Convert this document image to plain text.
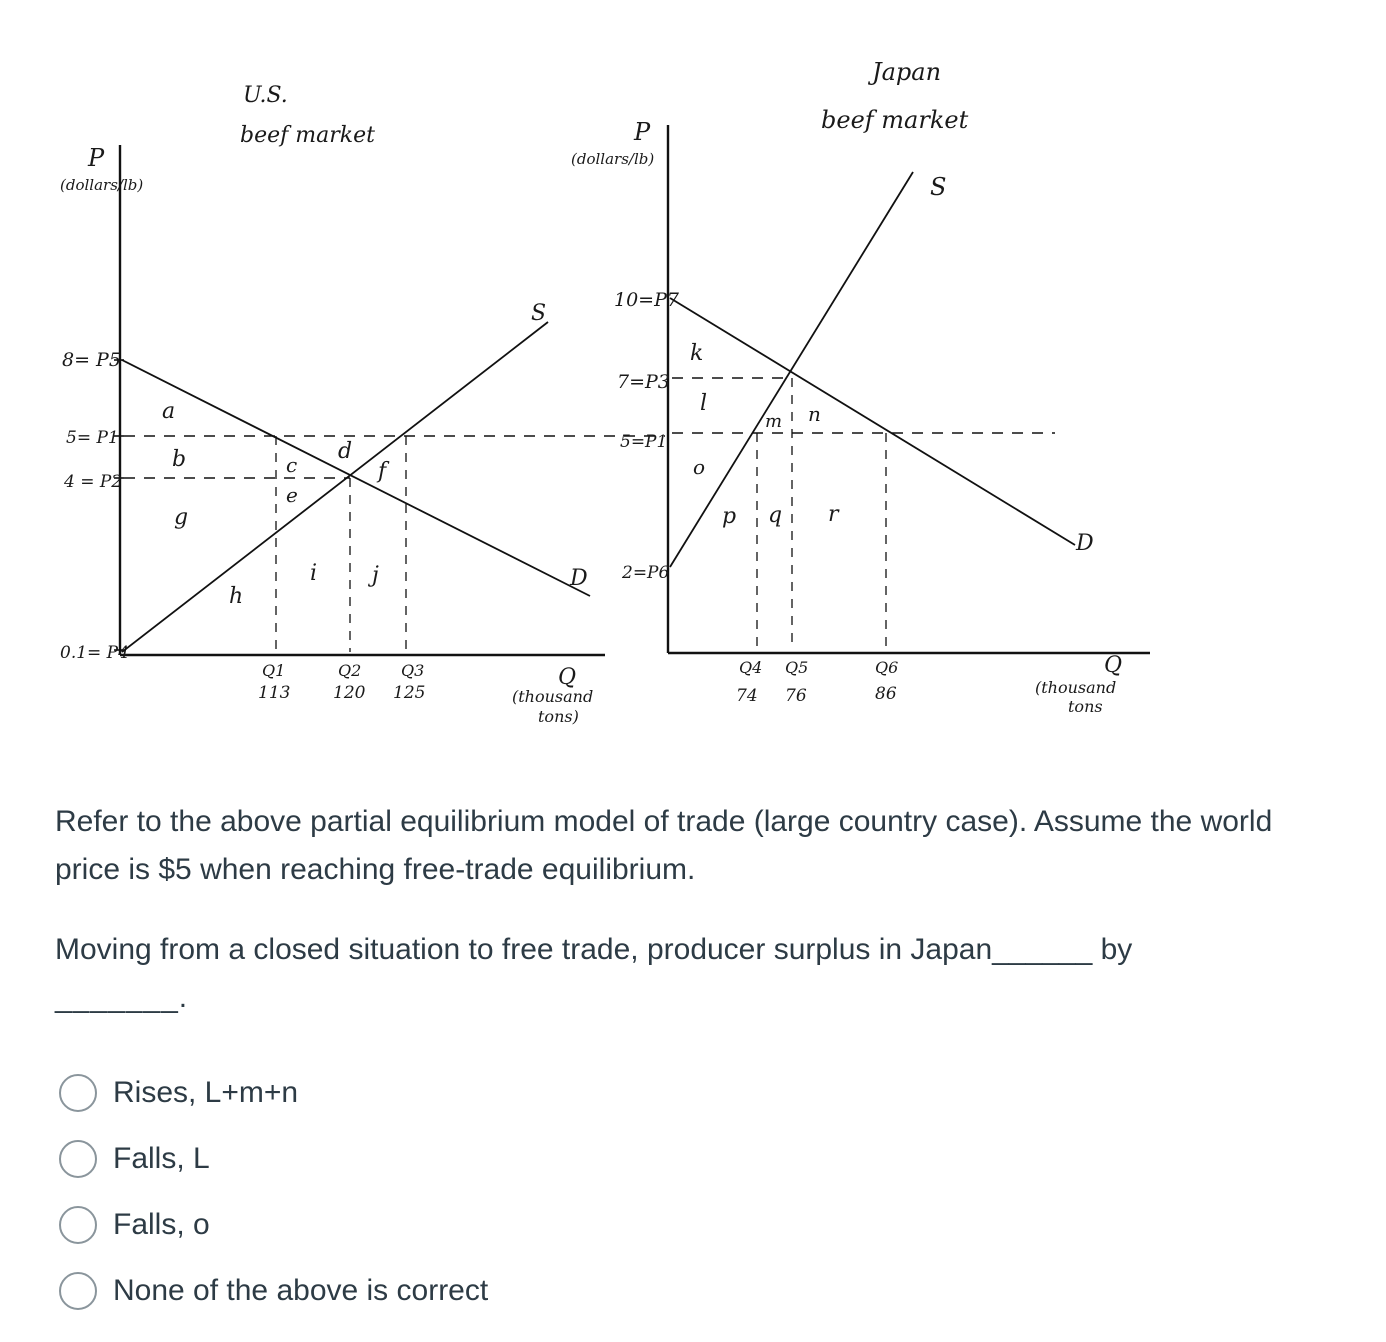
U.S.
beef market
P
(dollars/lb)
8= P5
5= P1
4 = P2
0.1= P4
S
D
a
b	c
d
e
f
g
h
i j
Q1
113
Q2
120
Q3
125
Q
(thousand
tons)
Japan
beef market
P
(dollars/lb)
10=P7
7=P3
5=P1
2=P6
S
D
k
l
m n
o
p q r
Q4
74
Q5
76
Q6
86
Q
(thousand
tons

Refer to the above partial equilibrium model of trade (large country case). Assume the world price is $5 when reaching free-trade equilibrium.

Moving from a closed situation to free trade, producer surplus in Japan______ by
_______.

Rises, L+m+n
Falls, L
Falls, o
None of the above is correct
